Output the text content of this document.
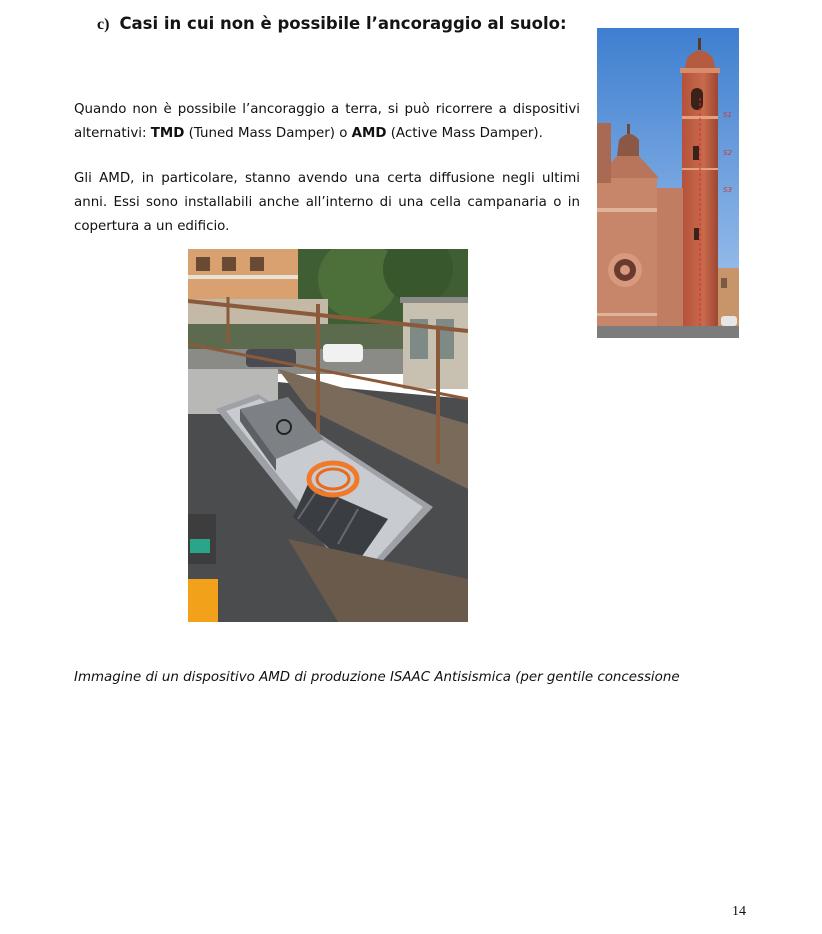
c) Casi in cui non è possibile l’ancoraggio al suolo:

Quando non è possibile l’ancoraggio a terra, si può ricorrere a dispositivi alternativi: TMD (Tuned Mass Damper) o AMD (Active Mass Damper).

Gli AMD, in particolare, stanno avendo una certa diffusione negli ultimi anni. Essi sono installabili anche all’interno di una cella campanaria o in copertura a un edificio.

S1
S2
S3

Immagine di un dispositivo AMD di produzione ISAAC Antisismica (per gentile concessione

14
